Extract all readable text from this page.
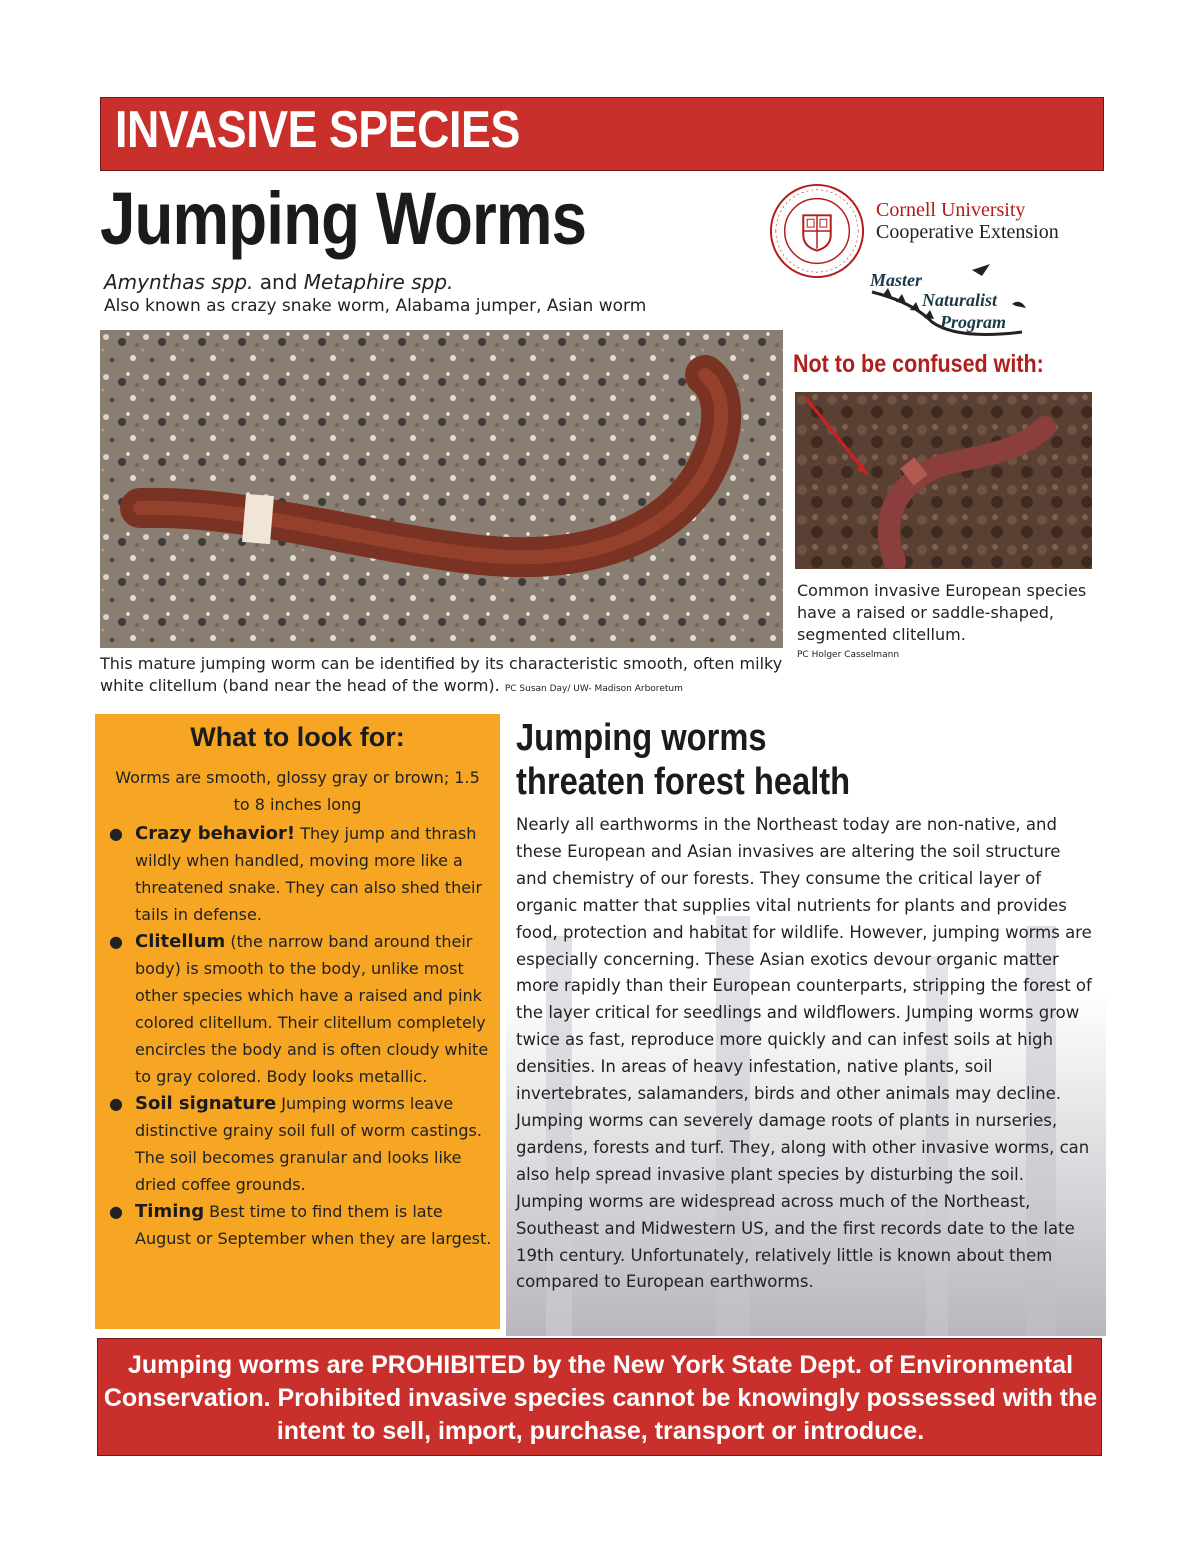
INVASIVE SPECIES
Jumping Worms
Amynthas spp. and Metaphire spp.
Also known as crazy snake worm, Alabama jumper, Asian worm
Cornell University
Cooperative Extension
Master
Naturalist
Program
This mature jumping worm can be identified by its characteristic smooth, often milky white clitellum (band near the head of the worm). PC Susan Day/ UW- Madison Arboretum
Not to be confused with:
Common invasive European species have a raised or saddle-shaped, segmented clitellum.
PC Holger Casselmann
What to look for:
Worms are smooth, glossy gray or brown; 1.5 to 8 inches long
● Crazy behavior! They jump and thrash wildly when handled, moving more like a threatened snake. They can also shed their tails in defense.
● Clitellum (the narrow band around their body) is smooth to the body, unlike most other species which have a raised and pink colored clitellum. Their clitellum completely encircles the body and is often cloudy white to gray colored. Body looks metallic.
● Soil signature Jumping worms leave distinctive grainy soil full of worm castings. The soil becomes granular and looks like dried coffee grounds.
● Timing Best time to find them is late August or September when they are largest.
Jumping worms
threaten forest health
Nearly all earthworms in the Northeast today are non-native, and these European and Asian invasives are altering the soil structure and chemistry of our forests. They consume the critical layer of organic matter that supplies vital nutrients for plants and provides food, protection and habitat for wildlife. However, jumping worms are especially concerning. These Asian exotics devour organic matter more rapidly than their European counterparts, stripping the forest of the layer critical for seedlings and wildflowers. Jumping worms grow twice as fast, reproduce more quickly and can infest soils at high densities. In areas of heavy infestation, native plants, soil invertebrates, salamanders, birds and other animals may decline. Jumping worms can severely damage roots of plants in nurseries, gardens, forests and turf. They, along with other invasive worms, can also help spread invasive plant species by disturbing the soil. Jumping worms are widespread across much of the Northeast, Southeast and Midwestern US, and the first records date to the late 19th century. Unfortunately, relatively little is known about them compared to European earthworms.
Jumping worms are PROHIBITED by the New York State Dept. of Environmental Conservation. Prohibited invasive species cannot be knowingly possessed with the intent to sell, import, purchase, transport or introduce.
